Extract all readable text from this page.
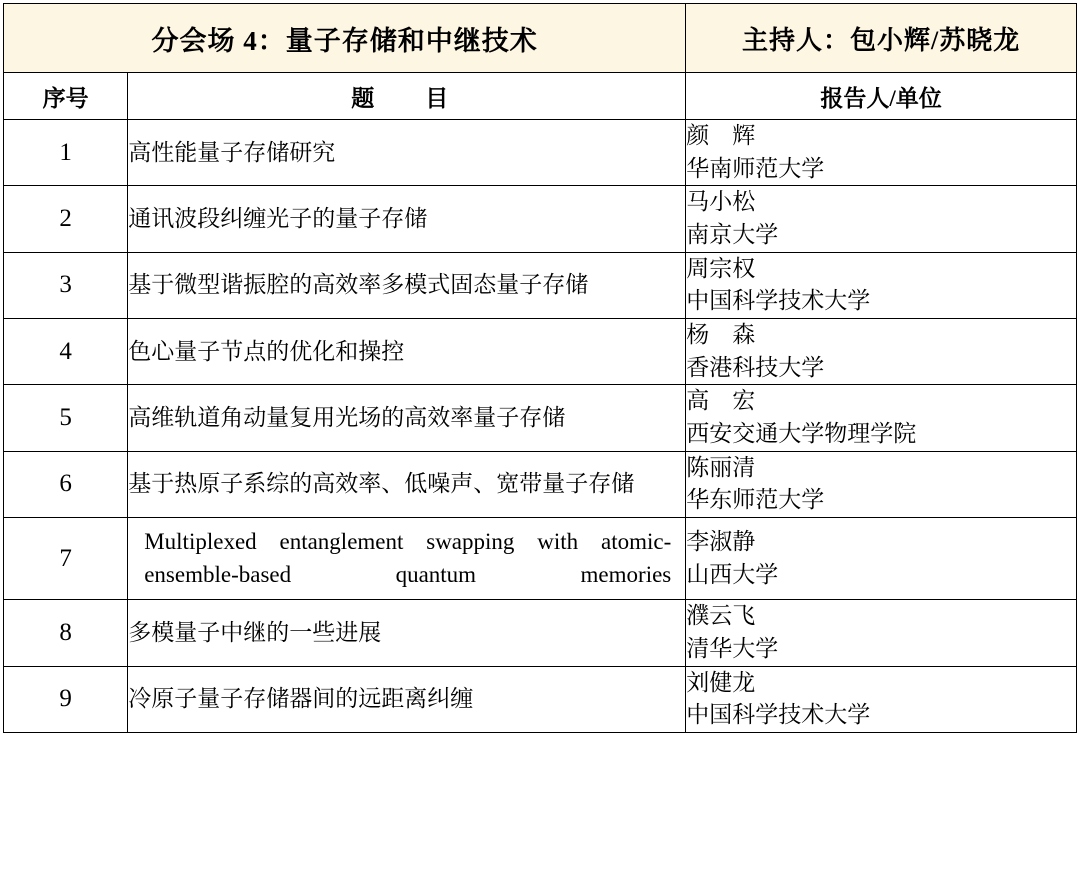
分会场 4：量子存储和中继技术		主持人：包小辉/苏晓龙
序号	题　目	报告人/单位
1	高性能量子存储研究	颜　辉
华南师范大学

2	通讯波段纠缠光子的量子存储	马小松
南京大学

3	基于微型谐振腔的高效率多模式固态量子存储	周宗权
中国科学技术大学

4	色心量子节点的优化和操控	杨　森
香港科技大学

5	高维轨道角动量复用光场的高效率量子存储	高　宏
西安交通大学物理学院

6	基于热原子系综的高效率、低噪声、宽带量子存储	陈丽清
华东师范大学

7	Multiplexed entanglement swapping with atomic-ensemble-based quantum memories	李淑静
山西大学

8	多模量子中继的一些进展	濮云飞
清华大学

9	冷原子量子存储器间的远距离纠缠	刘健龙
中国科学技术大学
